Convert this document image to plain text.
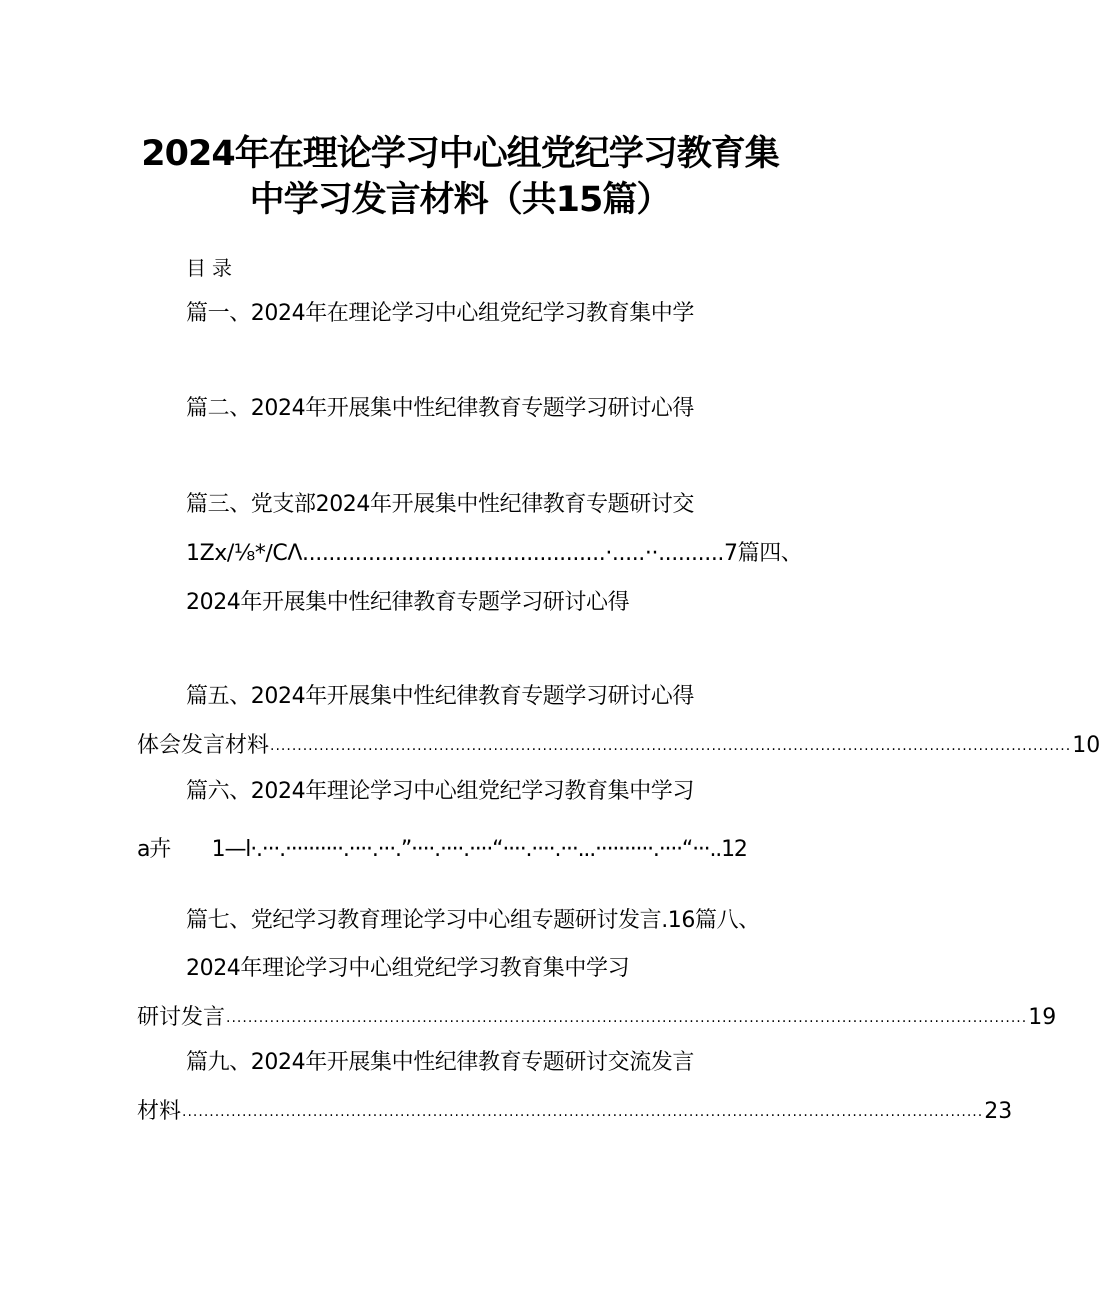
2024年在理论学习中心组党纪学习教育集
中学习发言材料（共15篇）
目录
篇一、2024年在理论学习中心组党纪学习教育集中学
篇二、2024年开展集中性纪律教育专题学习研讨心得
篇三、党支部2024年开展集中性纪律教育专题研讨交
1Zx/⅛*∕CΛ..............................................·.....··..........7篇四、
2024年开展集中性纪律教育专题学习研讨心得
篇五、2024年开展集中性纪律教育专题学习研讨心得
体会发言材料 ................................................................................................................................................... 10
篇六、2024年理论学习中心组党纪学习教育集中学习
a卉　　1—l·.···.··········.····.···.”····.····.····“····.····.···...··········.····“···..12
篇七、党纪学习教育理论学习中心组专题研讨发言.16篇八、
2024年理论学习中心组党纪学习教育集中学习
研讨发言 ................................................................................................................................................... 19
篇九、2024年开展集中性纪律教育专题研讨交流发言
材料 ................................................................................................................................................... 23
